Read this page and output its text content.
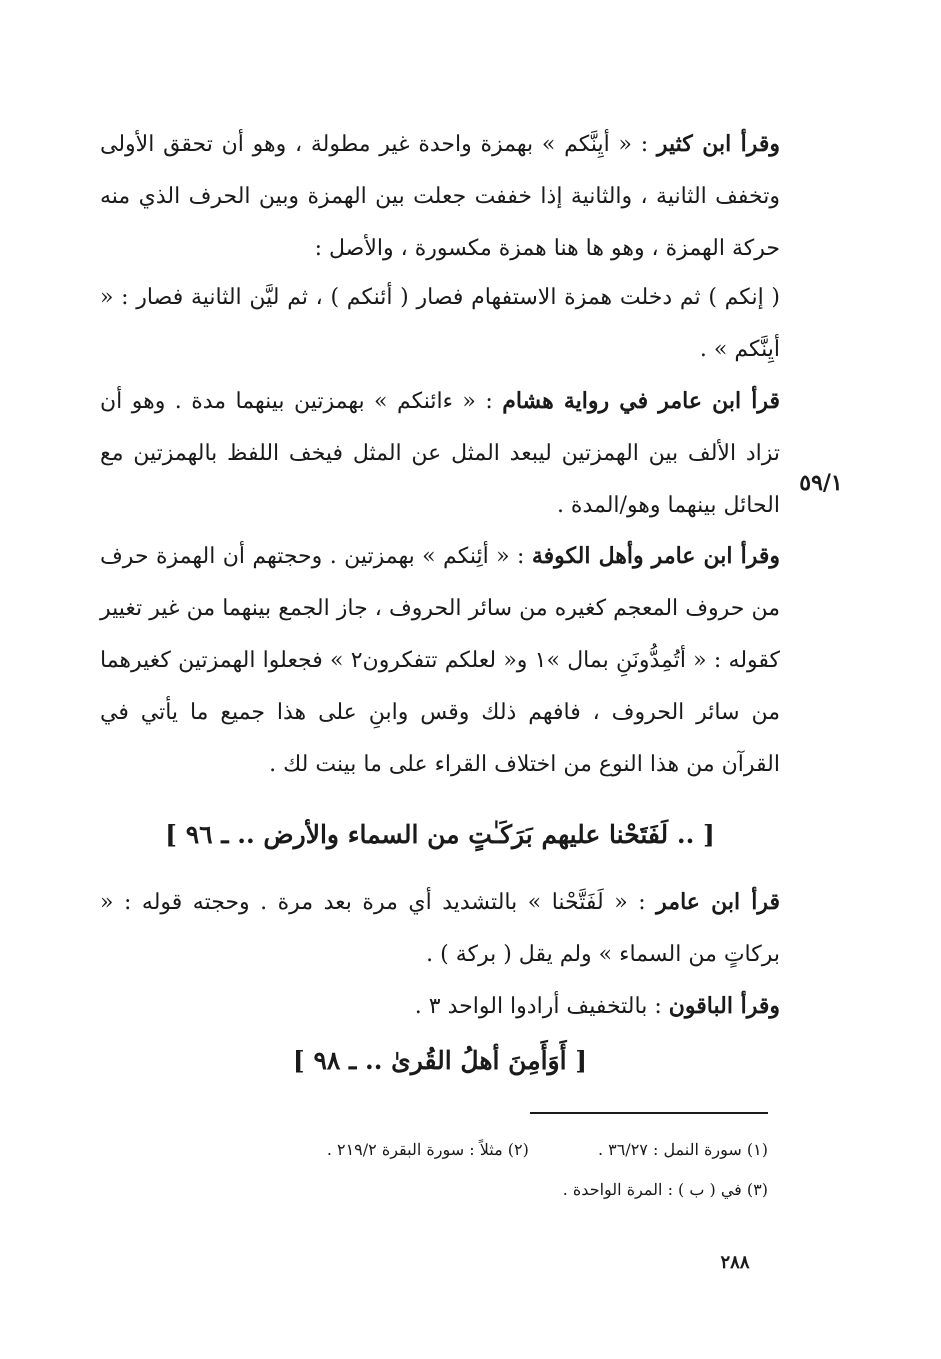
وقرأ ابن كثير : « أيِنَّكم » بهمزة واحدة غير مطولة ، وهو أن تحقق الأولى وتخفف الثانية ، والثانية إذا خففت جعلت بين الهمزة وبين الحرف الذي منه حركة الهمزة ، وهو ها هنا همزة مكسورة ، والأصل :
( إنكم ) ثم دخلت همزة الاستفهام فصار ( أئنكم ) ، ثم ليَّن الثانية فصار : « أيِنَّكم » .
قرأ ابن عامر في رواية هشام : « ءائنكم » بهمزتين بينهما مدة . وهو أن تزاد الألف بين الهمزتين ليبعد المثل عن المثل فيخف اللفظ بالهمزتين مع الحائل بينهما وهو/المدة .
٥٩/١
وقرأ ابن عامر وأهل الكوفة : « أئِنكم » بهمزتين . وحجتهم أن الهمزة حرف من حروف المعجم كغيره من سائر الحروف ، جاز الجمع بينهما من غير تغيير كقوله : « أتُمِدُّونَنِ بمال »١ و« لعلكم تتفكرون٢ » فجعلوا الهمزتين كغيرهما من سائر الحروف ، فافهم ذلك وقس وابنِ على هذا جميع ما يأتي في القرآن من هذا النوع من اختلاف القراء على ما بينت لك .
[ .. لَفَتَحْنا عليهم بَرَكَـٰتٍ من السماء والأرض .. ـ ٩٦ ]
قرأ ابن عامر : « لَفَتَّحْنا » بالتشديد أي مرة بعد مرة . وحجته قوله : « بركاتٍ من السماء » ولم يقل ( بركة ) .
وقرأ الباقون : بالتخفيف أرادوا الواحد ٣ .
[ أَوَأَمِنَ أهلُ القُرىٰ .. ـ ٩٨ ]
(١) سورة النمل : ٣٦/٢٧ . (٢) مثلاً : سورة البقرة ٢١٩/٢ .
(٣) في ( ب ) : المرة الواحدة .
٢٨٨
